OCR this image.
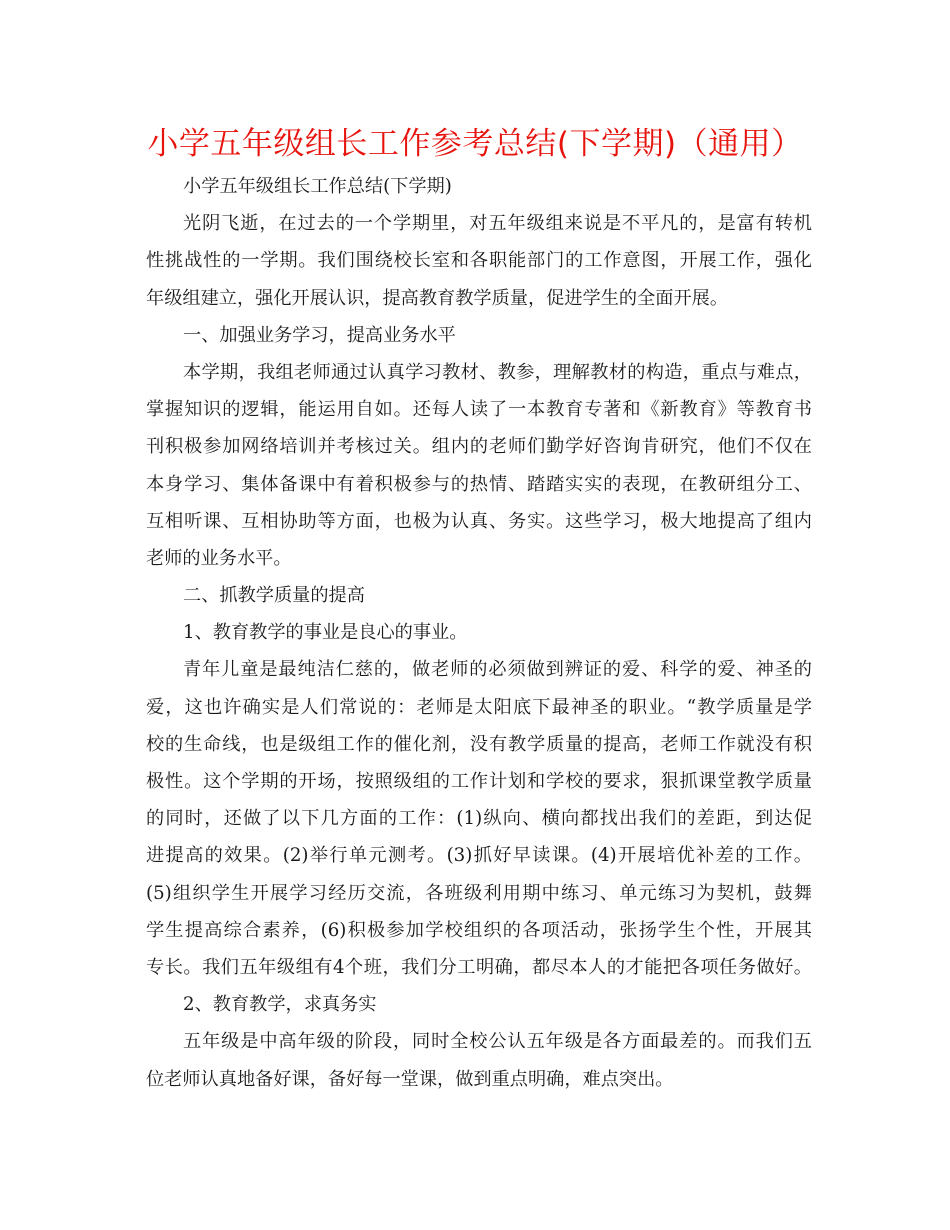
小学五年级组长工作参考总结(下学期)（通用）
小学五年级组长工作总结(下学期)
光阴飞逝，在过去的一个学期里，对五年级组来说是不平凡的，是富有转机
性挑战性的一学期。我们围绕校长室和各职能部门的工作意图，开展工作，强化
年级组建立，强化开展认识，提高教育教学质量，促进学生的全面开展。
一、加强业务学习，提高业务水平
本学期，我组老师通过认真学习教材、教参，理解教材的构造，重点与难点，
掌握知识的逻辑，能运用自如。还每人读了一本教育专著和《新教育》等教育书
刊积极参加网络培训并考核过关。组内的老师们勤学好咨询肯研究，他们不仅在
本身学习、集体备课中有着积极参与的热情、踏踏实实的表现，在教研组分工、
互相听课、互相协助等方面，也极为认真、务实。这些学习，极大地提高了组内
老师的业务水平。
二、抓教学质量的提高
1、教育教学的事业是良心的事业。
青年儿童是最纯洁仁慈的，做老师的必须做到辨证的爱、科学的爱、神圣的
爱，这也许确实是人们常说的：老师是太阳底下最神圣的职业。“教学质量是学
校的生命线，也是级组工作的催化剂，没有教学质量的提高，老师工作就没有积
极性。这个学期的开场，按照级组的工作计划和学校的要求，狠抓课堂教学质量
的同时，还做了以下几方面的工作：(1)纵向、横向都找出我们的差距，到达促
进提高的效果。(2)举行单元测考。(3)抓好早读课。(4)开展培优补差的工作。
(5)组织学生开展学习经历交流，各班级利用期中练习、单元练习为契机，鼓舞
学生提高综合素养，(6)积极参加学校组织的各项活动，张扬学生个性，开展其
专长。我们五年级组有4个班，我们分工明确，都尽本人的才能把各项任务做好。
2、教育教学，求真务实
五年级是中高年级的阶段，同时全校公认五年级是各方面最差的。而我们五
位老师认真地备好课，备好每一堂课，做到重点明确，难点突出。
